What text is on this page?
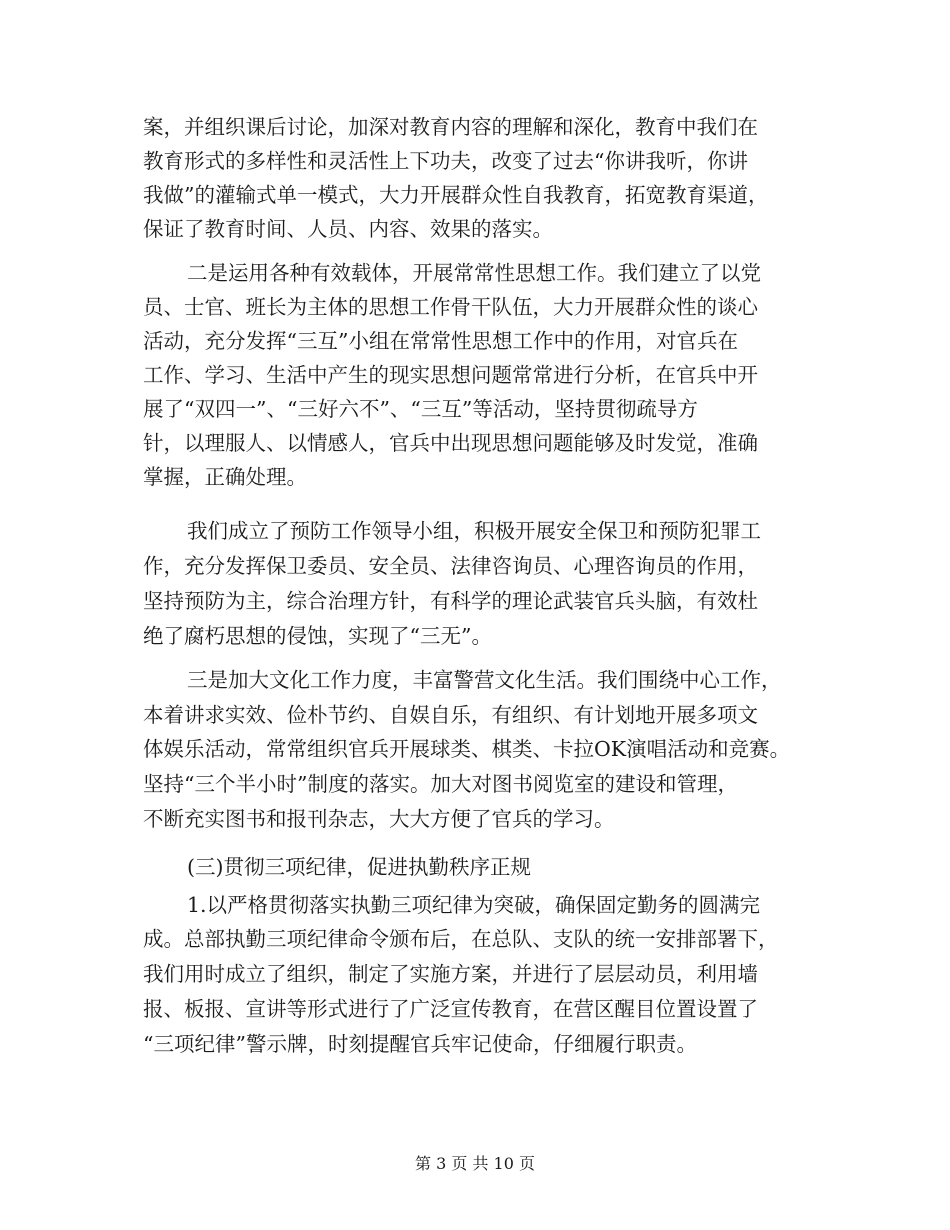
案，并组织课后讨论，加深对教育内容的理解和深化，教育中我们在
教育形式的多样性和灵活性上下功夫，改变了过去“你讲我听，你讲
我做”的灌输式单一模式，大力开展群众性自我教育，拓宽教育渠道，
保证了教育时间、人员、内容、效果的落实。
二是运用各种有效载体，开展常常性思想工作。我们建立了以党
员、士官、班长为主体的思想工作骨干队伍，大力开展群众性的谈心
活动，充分发挥“三互”小组在常常性思想工作中的作用，对官兵在
工作、学习、生活中产生的现实思想问题常常进行分析，在官兵中开
展了“双四一”、“三好六不”、“三互”等活动，坚持贯彻疏导方
针，以理服人、以情感人，官兵中出现思想问题能够及时发觉，准确
掌握，正确处理。
我们成立了预防工作领导小组，积极开展安全保卫和预防犯罪工
作，充分发挥保卫委员、安全员、法律咨询员、心理咨询员的作用，
坚持预防为主，综合治理方针，有科学的理论武装官兵头脑，有效杜
绝了腐朽思想的侵蚀，实现了“三无”。
三是加大文化工作力度，丰富警营文化生活。我们围绕中心工作，
本着讲求实效、俭朴节约、自娱自乐，有组织、有计划地开展多项文
体娱乐活动，常常组织官兵开展球类、棋类、卡拉OK演唱活动和竞赛。
坚持“三个半小时”制度的落实。加大对图书阅览室的建设和管理，
不断充实图书和报刊杂志，大大方便了官兵的学习。
(三)贯彻三项纪律，促进执勤秩序正规
1.以严格贯彻落实执勤三项纪律为突破，确保固定勤务的圆满完
成。总部执勤三项纪律命令颁布后，在总队、支队的统一安排部署下，
我们用时成立了组织，制定了实施方案，并进行了层层动员，利用墙
报、板报、宣讲等形式进行了广泛宣传教育，在营区醒目位置设置了
“三项纪律”警示牌，时刻提醒官兵牢记使命，仔细履行职责。
第 3 页 共 10 页
